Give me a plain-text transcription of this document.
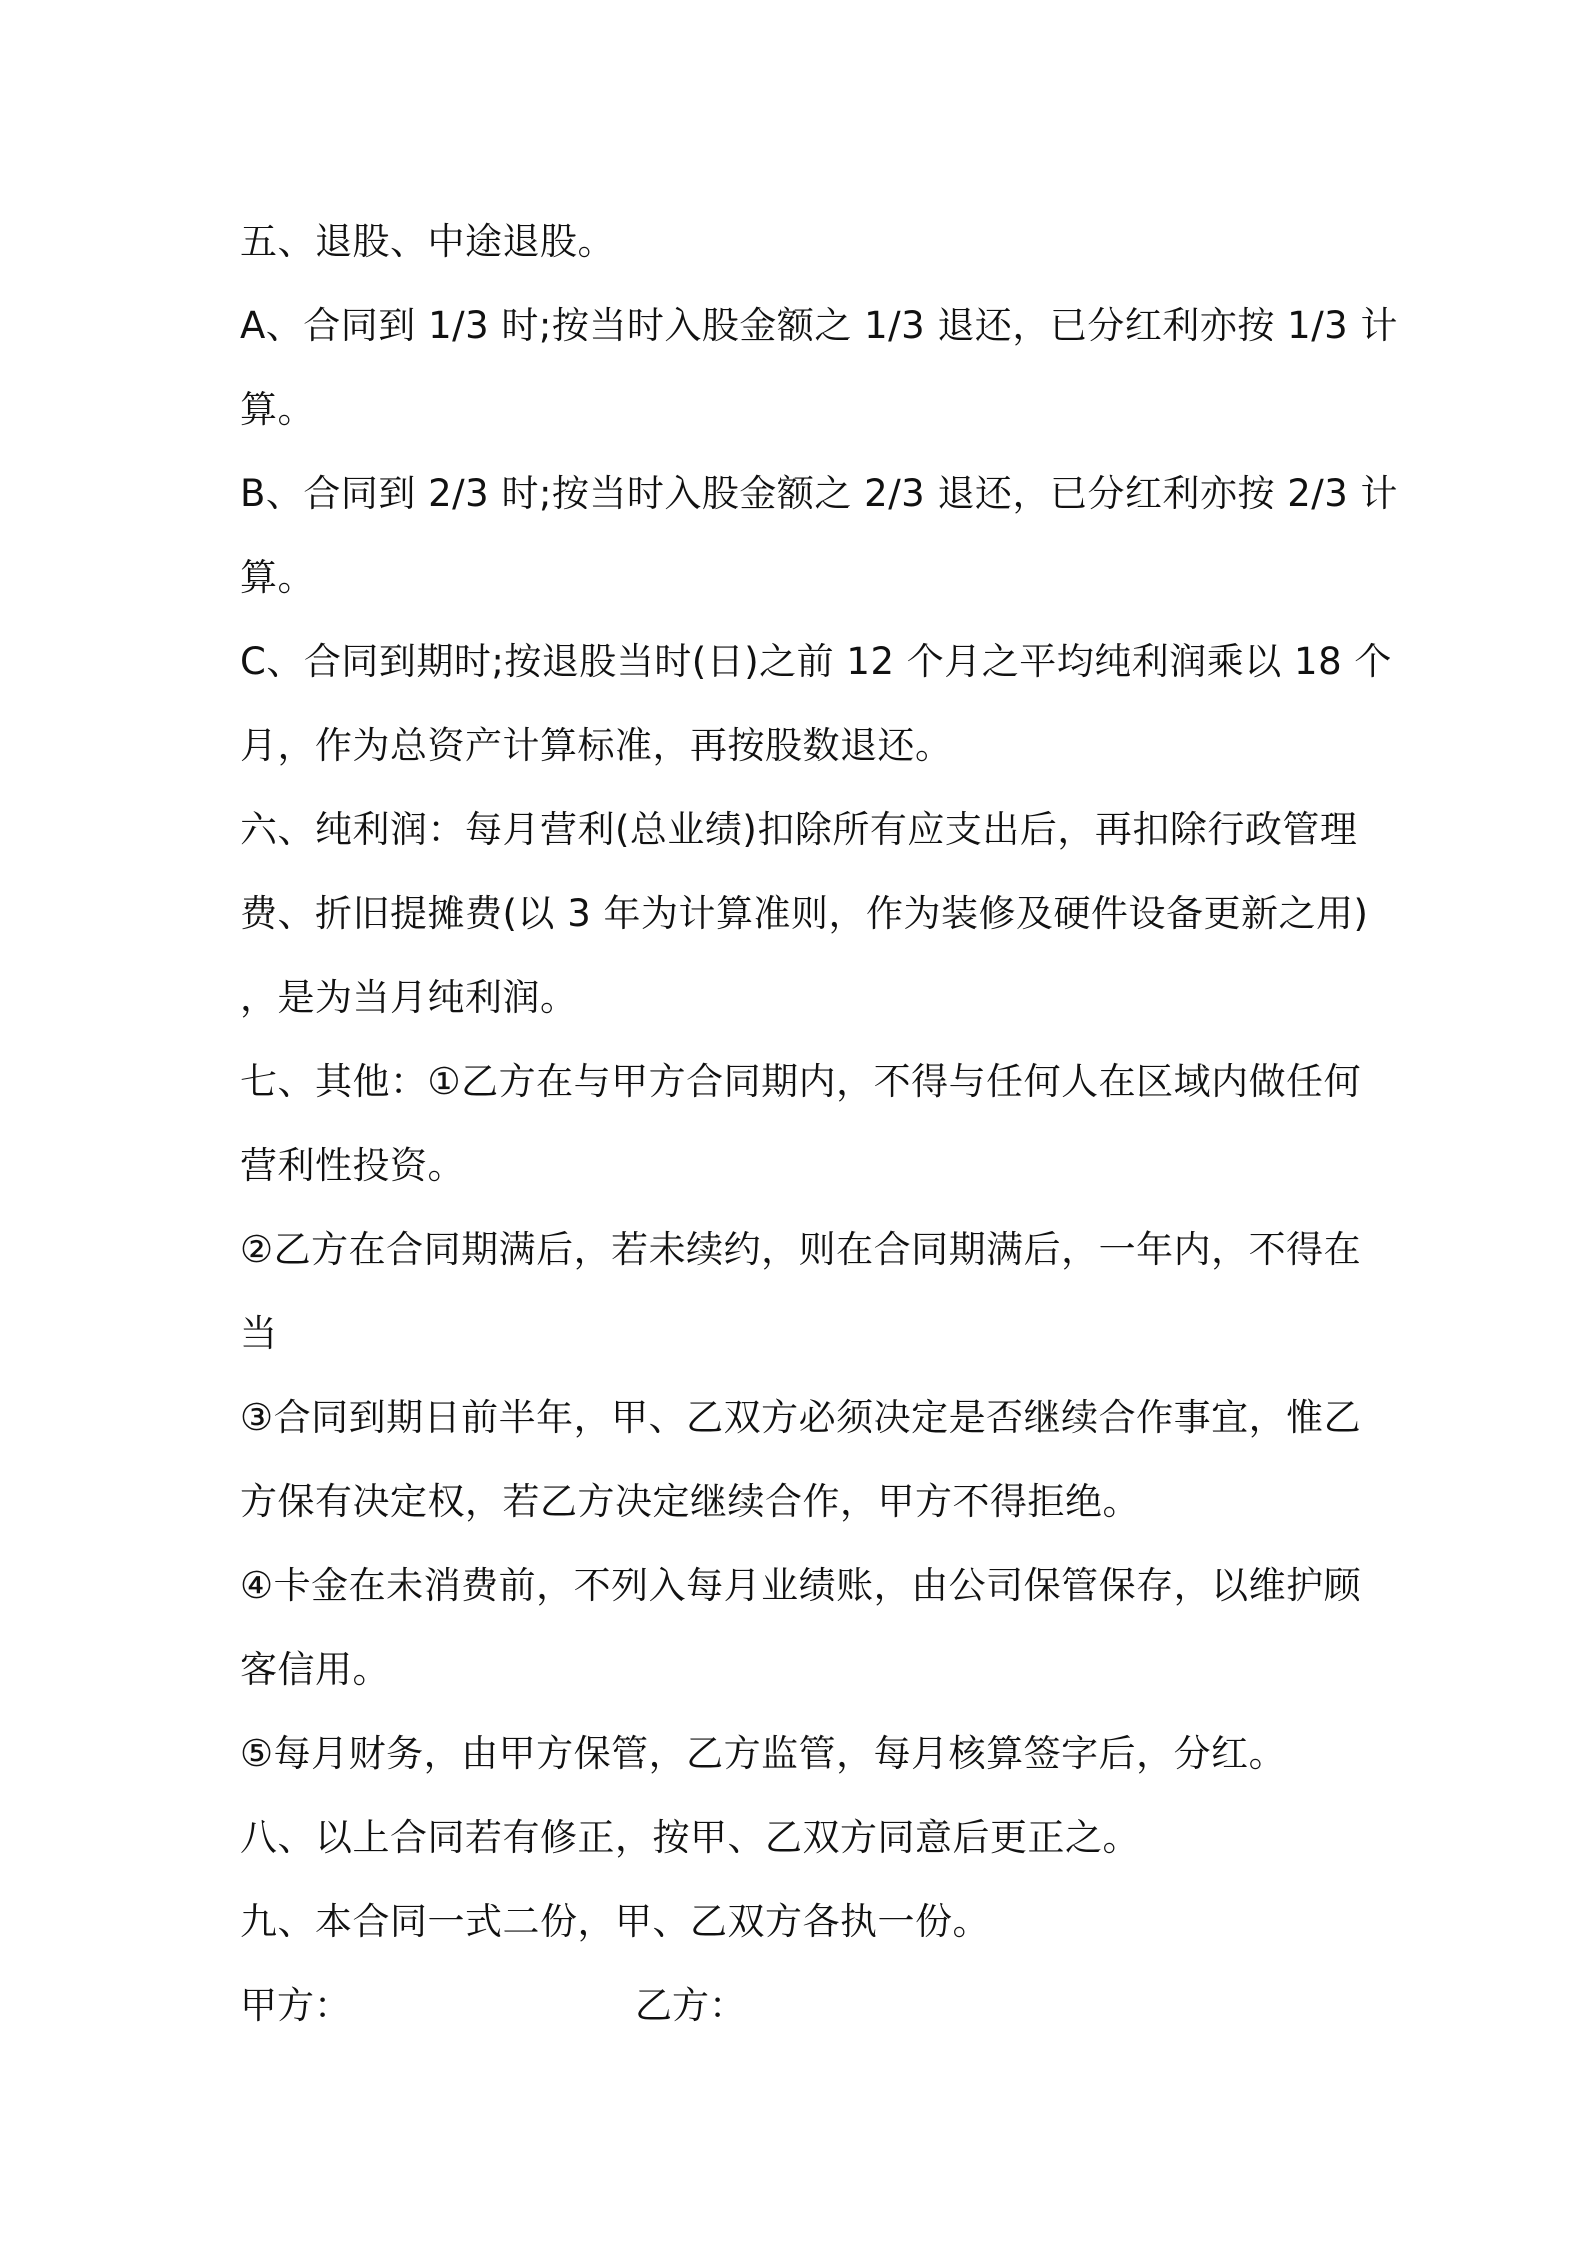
五、退股、中途退股。
A、合同到 1/3 时;按当时入股金额之 1/3 退还，已分红利亦按 1/3 计
算。
B、合同到 2/3 时;按当时入股金额之 2/3 退还，已分红利亦按 2/3 计
算。
C、合同到期时;按退股当时(日)之前 12 个月之平均纯利润乘以 18 个
月，作为总资产计算标准，再按股数退还。
六、纯利润：每月营利(总业绩)扣除所有应支出后，再扣除行政管理
费、折旧提摊费(以 3 年为计算准则，作为装修及硬件设备更新之用)
，是为当月纯利润。
七、其他：①乙方在与甲方合同期内，不得与任何人在区域内做任何
营利性投资。
②乙方在合同期满后，若未续约，则在合同期满后，一年内，不得在
当
③合同到期日前半年，甲、乙双方必须决定是否继续合作事宜，惟乙
方保有决定权，若乙方决定继续合作，甲方不得拒绝。
④卡金在未消费前，不列入每月业绩账，由公司保管保存，以维护顾
客信用。
⑤每月财务，由甲方保管，乙方监管，每月核算签字后，分红。
八、以上合同若有修正，按甲、乙双方同意后更正之。
九、本合同一式二份，甲、乙双方各执一份。
甲方：	乙方：
